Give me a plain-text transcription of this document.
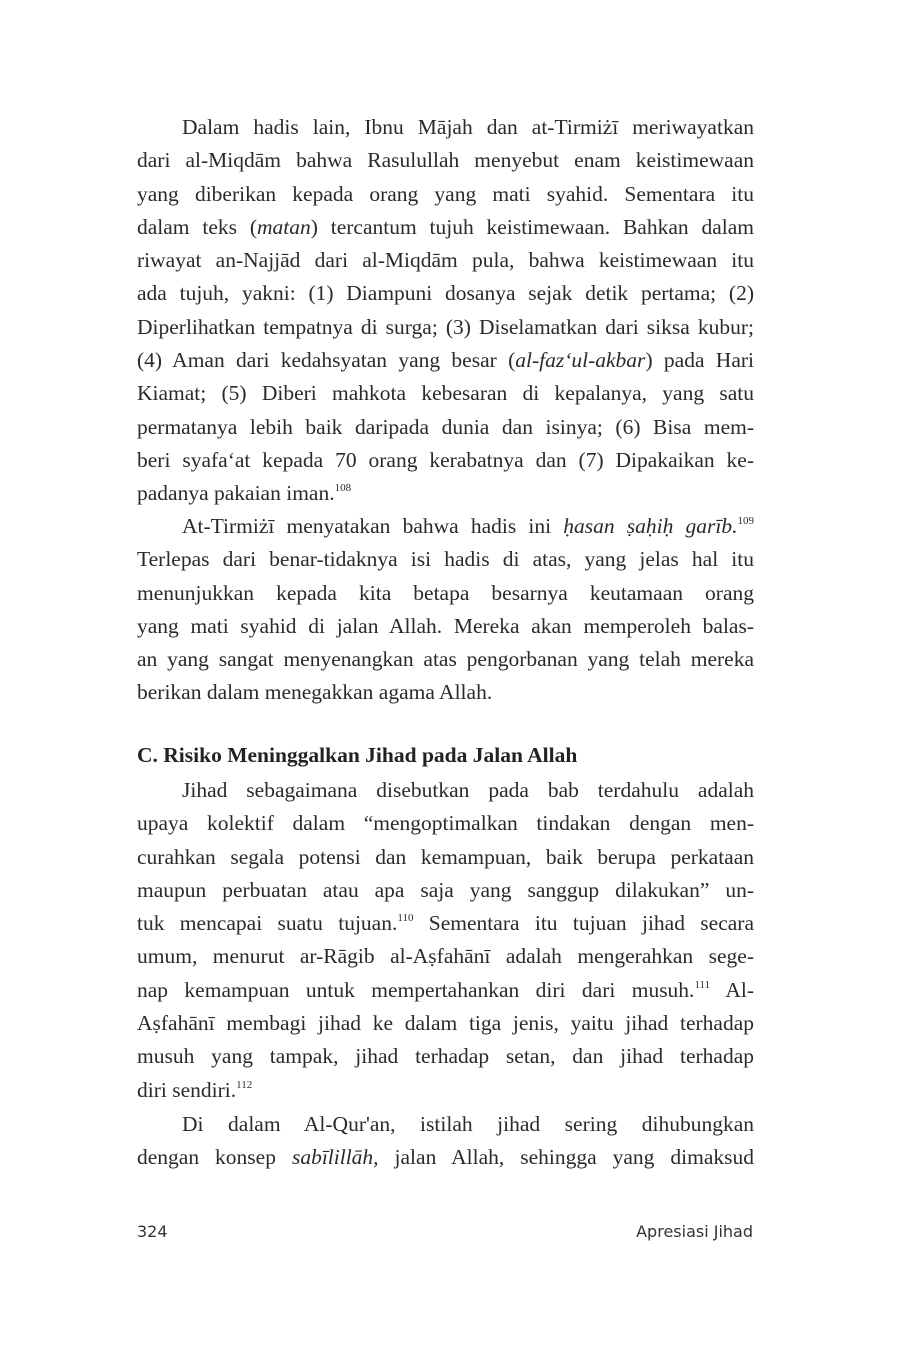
Dalam hadis lain, Ibnu Mājah dan at-Tirmiżī meriwayatkan
dari al-Miqdām bahwa Rasulullah menyebut enam keistimewaan
yang diberikan kepada orang yang mati syahid. Sementara itu
dalam teks (matan) tercantum tujuh keistimewaan. Bahkan dalam
riwayat an-Najjād dari al-Miqdām pula, bahwa keistimewaan itu
ada tujuh, yakni: (1) Diampuni dosanya sejak detik pertama; (2)
Diperlihatkan tempatnya di surga; (3) Diselamatkan dari siksa kubur;
(4) Aman dari kedahsyatan yang besar (al-faz‘ul-akbar) pada Hari
Kiamat; (5) Diberi mahkota kebesaran di kepalanya, yang satu
permatanya lebih baik daripada dunia dan isinya; (6) Bisa mem-
beri syafa‘at kepada 70 orang kerabatnya dan (7) Dipakaikan ke-
padanya pakaian iman.$^{108}$
At-Tirmiżī menyatakan bahwa hadis ini ḥasan ṣaḥiḥ garīb.$^{109}$
Terlepas dari benar-tidaknya isi hadis di atas, yang jelas hal itu
menunjukkan kepada kita betapa besarnya keutamaan orang
yang mati syahid di jalan Allah. Mereka akan memperoleh balas-
an yang sangat menyenangkan atas pengorbanan yang telah mereka
berikan dalam menegakkan agama Allah.
C. Risiko Meninggalkan Jihad pada Jalan Allah
Jihad sebagaimana disebutkan pada bab terdahulu adalah
upaya kolektif dalam “mengoptimalkan tindakan dengan men-
curahkan segala potensi dan kemampuan, baik berupa perkataan
maupun perbuatan atau apa saja yang sanggup dilakukan” un-
tuk mencapai suatu tujuan.$^{110}$ Sementara itu tujuan jihad secara
umum, menurut ar-Rāgib al-Aṣfahānī adalah mengerahkan sege-
nap kemampuan untuk mempertahankan diri dari musuh.$^{111}$ Al-
Aṣfahānī membagi jihad ke dalam tiga jenis, yaitu jihad terhadap
musuh yang tampak, jihad terhadap setan, dan jihad terhadap
diri sendiri.$^{112}$
Di dalam Al-Qur'an, istilah jihad sering dihubungkan
dengan konsep sabīlillāh, jalan Allah, sehingga yang dimaksud
324	Apresiasi Jihad
